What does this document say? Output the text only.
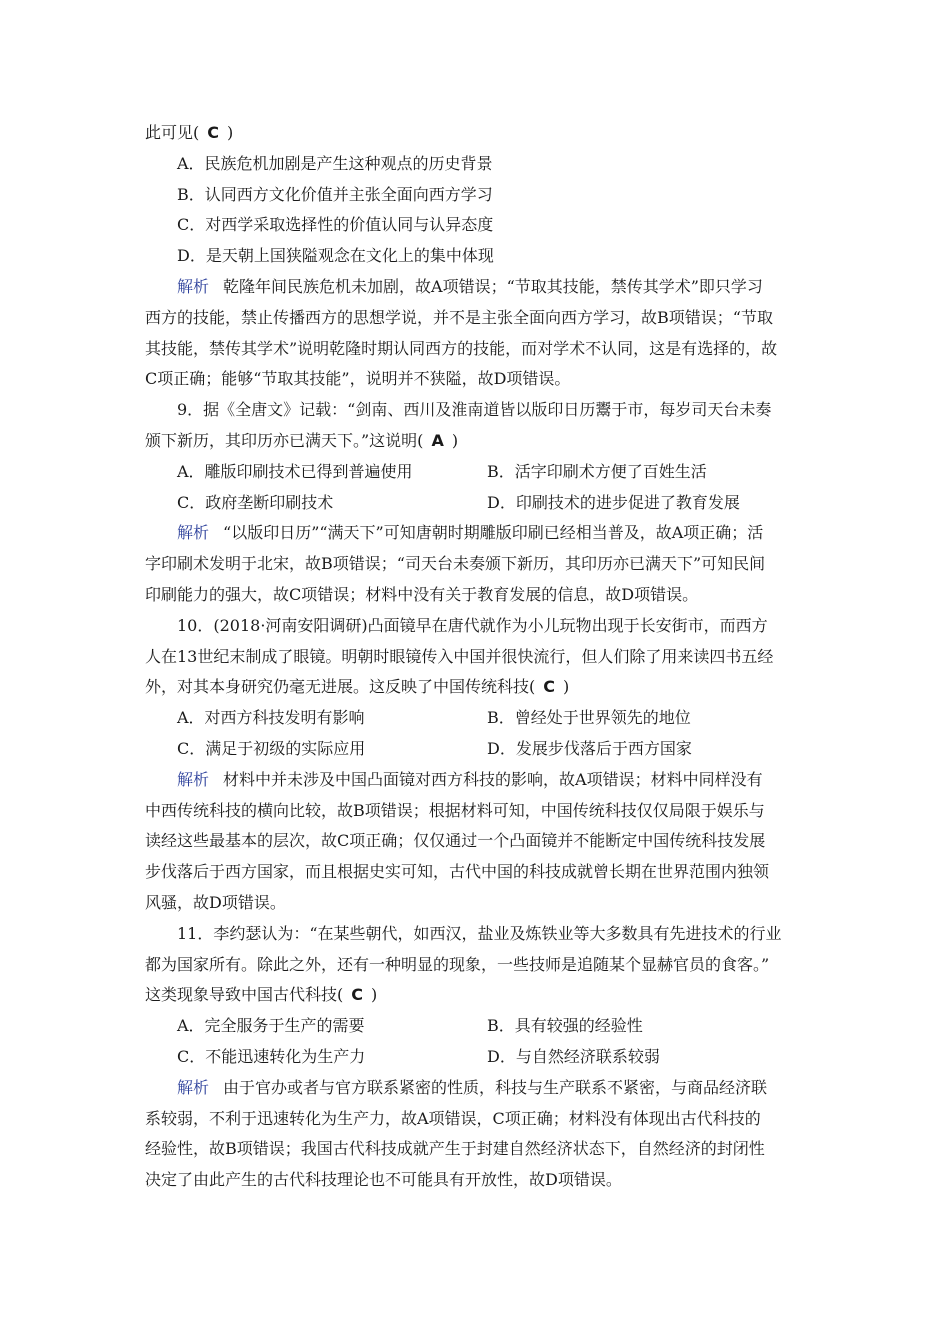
此可见( C )
A．民族危机加剧是产生这种观点的历史背景
B．认同西方文化价值并主张全面向西方学习
C．对西学采取选择性的价值认同与认异态度
D．是天朝上国狭隘观念在文化上的集中体现
解析 乾隆年间民族危机未加剧，故A项错误；“节取其技能，禁传其学术”即只学习
西方的技能，禁止传播西方的思想学说，并不是主张全面向西方学习，故B项错误；“节取
其技能，禁传其学术”说明乾隆时期认同西方的技能，而对学术不认同，这是有选择的，故
C项正确；能够“节取其技能”，说明并不狭隘，故D项错误。
9．据《全唐文》记载：“剑南、西川及淮南道皆以版印日历鬻于市，每岁司天台未奏
颁下新历，其印历亦已满天下。”这说明( A )
A．雕版印刷技术已得到普遍使用	B．活字印刷术方便了百姓生活
C．政府垄断印刷技术	D．印刷技术的进步促进了教育发展
解析 “以版印日历”“满天下”可知唐朝时期雕版印刷已经相当普及，故A项正确；活
字印刷术发明于北宋，故B项错误；“司天台未奏颁下新历，其印历亦已满天下”可知民间
印刷能力的强大，故C项错误；材料中没有关于教育发展的信息，故D项错误。
10．(2018·河南安阳调研)凸面镜早在唐代就作为小儿玩物出现于长安街市，而西方
人在13世纪末制成了眼镜。明朝时眼镜传入中国并很快流行，但人们除了用来读四书五经
外，对其本身研究仍毫无进展。这反映了中国传统科技( C )
A．对西方科技发明有影响	B．曾经处于世界领先的地位
C．满足于初级的实际应用	D．发展步伐落后于西方国家
解析 材料中并未涉及中国凸面镜对西方科技的影响，故A项错误；材料中同样没有
中西传统科技的横向比较，故B项错误；根据材料可知，中国传统科技仅仅局限于娱乐与
读经这些最基本的层次，故C项正确；仅仅通过一个凸面镜并不能断定中国传统科技发展
步伐落后于西方国家，而且根据史实可知，古代中国的科技成就曾长期在世界范围内独领
风骚，故D项错误。
11．李约瑟认为：“在某些朝代，如西汉，盐业及炼铁业等大多数具有先进技术的行业
都为国家所有。除此之外，还有一种明显的现象，一些技师是追随某个显赫官员的食客。”
这类现象导致中国古代科技( C )
A．完全服务于生产的需要	B．具有较强的经验性
C．不能迅速转化为生产力	D．与自然经济联系较弱
解析 由于官办或者与官方联系紧密的性质，科技与生产联系不紧密，与商品经济联
系较弱，不利于迅速转化为生产力，故A项错误，C项正确；材料没有体现出古代科技的
经验性，故B项错误；我国古代科技成就产生于封建自然经济状态下，自然经济的封闭性
决定了由此产生的古代科技理论也不可能具有开放性，故D项错误。
